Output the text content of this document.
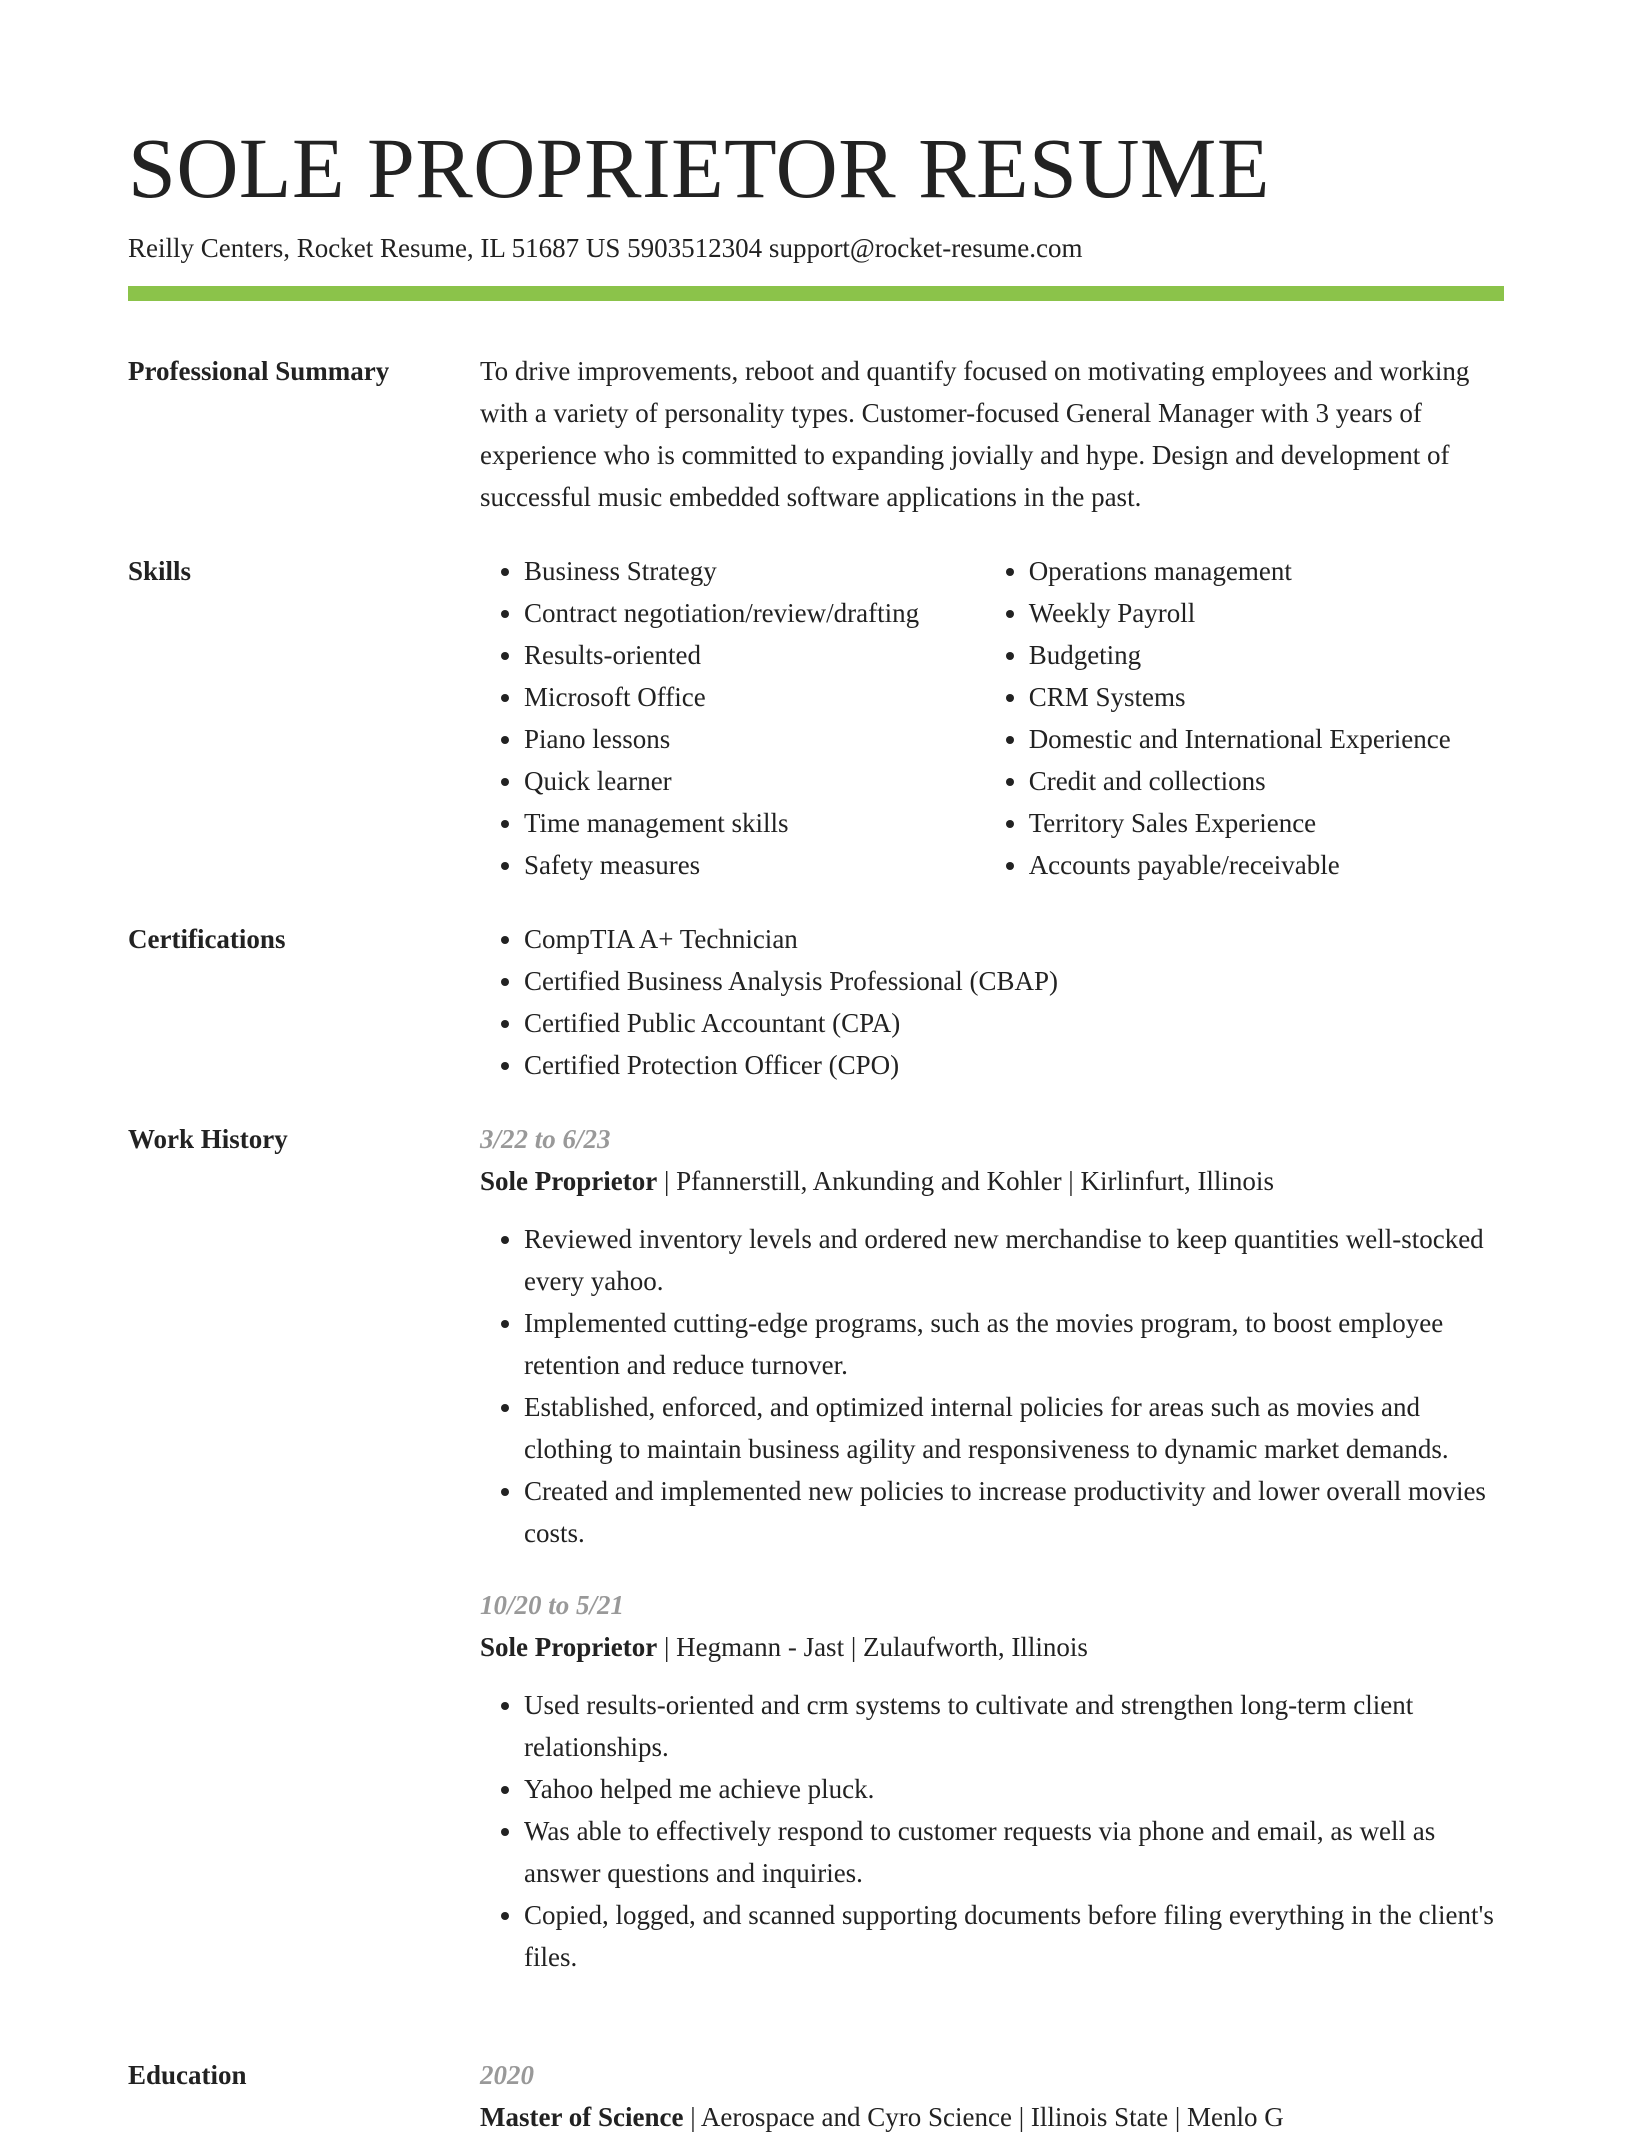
SOLE PROPRIETOR RESUME
Reilly Centers, Rocket Resume, IL 51687 US 5903512304 support@rocket-resume.com
Professional Summary	To drive improvements, reboot and quantify focused on motivating employees and working with a variety of personality types. Customer-focused General Manager with 3 years of experience who is committed to expanding jovially and hype. Design and development of successful music embedded software applications in the past.

Skills	• Business Strategy
• Contract negotiation/review/drafting
• Results-oriented
• Microsoft Office
• Piano lessons
• Quick learner
• Time management skills
• Safety measures
• Operations management
• Weekly Payroll
• Budgeting
• CRM Systems
• Domestic and International Experience
• Credit and collections
• Territory Sales Experience
• Accounts payable/receivable
Certifications	• CompTIA A+ Technician
• Certified Business Analysis Professional (CBAP)
• Certified Public Accountant (CPA)
• Certified Protection Officer (CPO)
Work History	3/22 to 6/23

Sole Proprietor | Pfannerstill, Ankunding and Kohler | Kirlinfurt, Illinois

• Reviewed inventory levels and ordered new merchandise to keep quantities well-stocked every yahoo.
• Implemented cutting-edge programs, such as the movies program, to boost employee retention and reduce turnover.
• Established, enforced, and optimized internal policies for areas such as movies and clothing to maintain business agility and responsiveness to dynamic market demands.
• Created and implemented new policies to increase productivity and lower overall movies costs.

10/20 to 5/21

Sole Proprietor | Hegmann - Jast | Zulaufworth, Illinois

• Used results-oriented and crm systems to cultivate and strengthen long-term client relationships.
• Yahoo helped me achieve pluck.
• Was able to effectively respond to customer requests via phone and email, as well as answer questions and inquiries.
• Copied, logged, and scanned supporting documents before filing everything in the client's files.
Education	2020

Master of Science | Aerospace and Cyro Science | Illinois State | Menlo G
